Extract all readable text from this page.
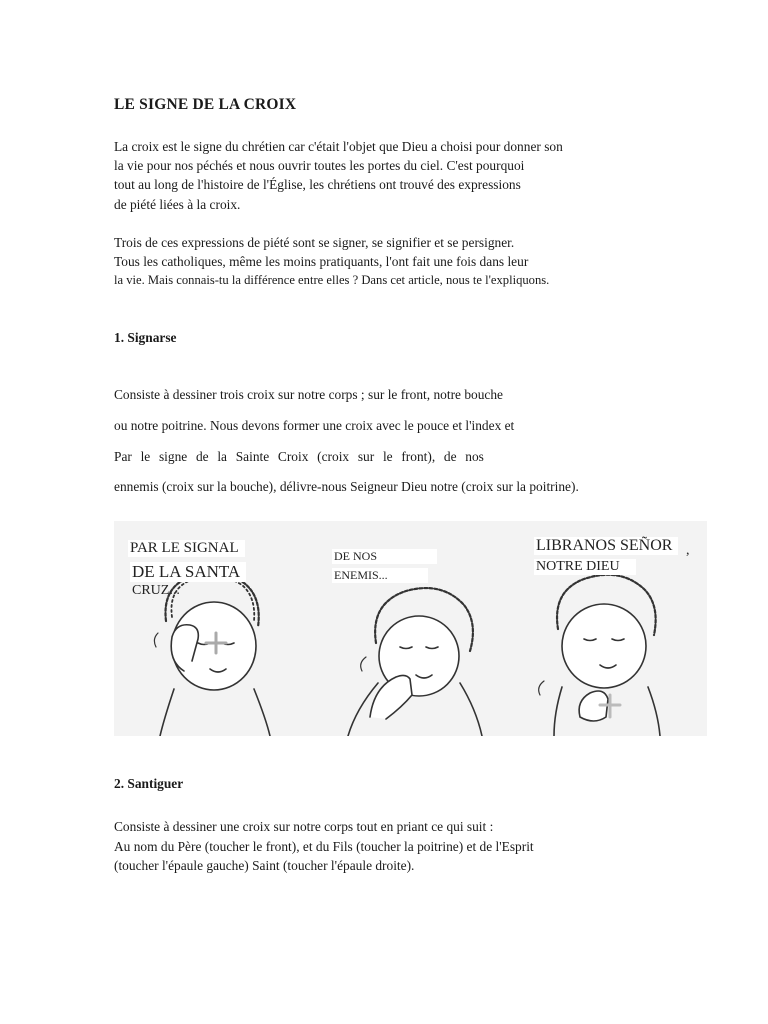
LE SIGNE DE LA CROIX
La croix est le signe du chrétien car c'était l'objet que Dieu a choisi pour donner son
la vie pour nos péchés et nous ouvrir toutes les portes du ciel. C'est pourquoi
tout au long de l'histoire de l'Église, les chrétiens ont trouvé des expressions
de piété liées à la croix.
Trois de ces expressions de piété sont se signer, se signifier et se persigner.
Tous les catholiques, même les moins pratiquants, l'ont fait une fois dans leur
la vie. Mais connais-tu la différence entre elles ? Dans cet article, nous te l'expliquons.
1. Signarse
Consiste à dessiner trois croix sur notre corps ; sur le front, notre bouche
ou notre poitrine. Nous devons former une croix avec le pouce et l'index et
Par le signe de la Sainte Croix (croix sur le front), de nos
ennemis (croix sur la bouche), délivre-nous Seigneur Dieu notre (croix sur la poitrine).
PAR LE SIGNAL
DE LA SANTA
CRUZ...
DE NOS
ENEMIS...
LIBRANOS SEÑOR ,
NOTRE DIEU
2. Santiguer
Consiste à dessiner une croix sur notre corps tout en priant ce qui suit :
Au nom du Père (toucher le front), et du Fils (toucher la poitrine) et de l'Esprit
(toucher l'épaule gauche) Saint (toucher l'épaule droite).
